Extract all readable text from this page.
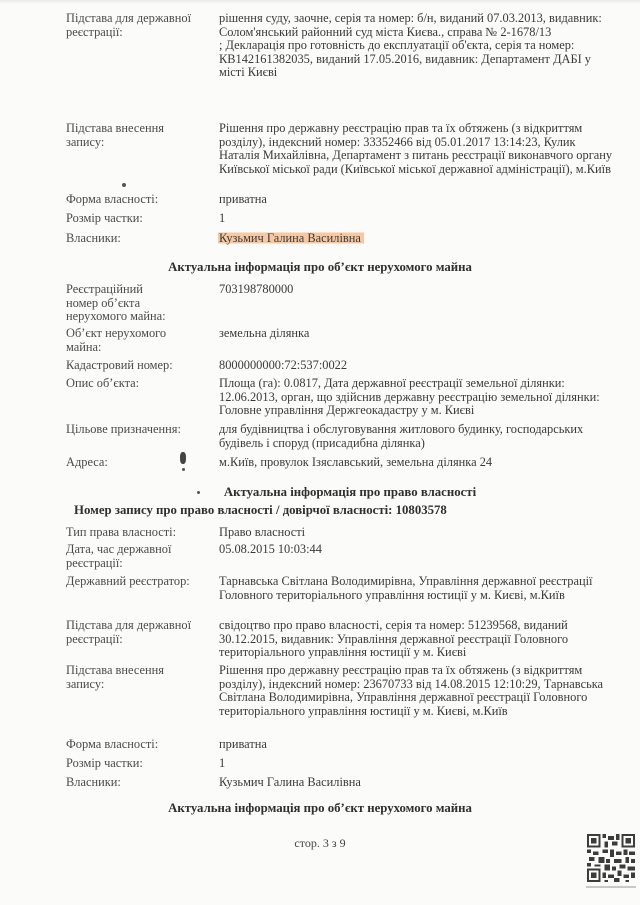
Підстава для державної реєстрації:
рішення суду, заочне, серія та номер: б/н, виданий 07.03.2013, видавник: Солом'янський районний суд міста Києва., справа № 2-1678/13
; Декларація про готовність до експлуатації об'єкта, серія та номер: КВ142161382035, виданий 17.05.2016, видавник: Департамент ДАБІ у місті Києві
Підстава внесення запису:
Рішення про державну реєстрацію прав та їх обтяжень (з відкриттям розділу), індексний номер: 33352466 від 05.01.2017 13:14:23, Кулик Наталія Михайлівна, Департамент з питань реєстрації виконавчого органу Київської міської ради (Київської міської державної адміністрації), м.Київ
Форма власності:	приватна
Розмір частки:	1
Власники:	Кузьмич Галина Василівна
Актуальна інформація про об’єкт нерухомого майна
Реєстраційний номер об’єкта нерухомого майна:
703198780000
Об’єкт нерухомого майна:
земельна ділянка
Кадастровий номер:	8000000000:72:537:0022
Опис об’єкта:	Площа (га): 0.0817, Дата державної реєстрації земельної ділянки: 12.06.2013, орган, що здійснив державну реєстрацію земельної ділянки: Головне управління Держгеокадастру у м. Києві
Цільове призначення:	для будівництва і обслуговування житлового будинку, господарських будівель і споруд (присадибна ділянка)
Адреса:	м.Київ, провулок Ізяславський, земельна ділянка 24
Актуальна інформація про право власності
Номер запису про право власності / довірчої власності: 10803578
Тип права власності:	Право власності
Дата, час державної реєстрації:
05.08.2015 10:03:44
Державний реєстратор:	Тарнавська Світлана Володимирівна, Управління державної реєстрації Головного територіального управління юстиції у м. Києві, м.Київ
Підстава для державної реєстрації:
свідоцтво про право власності, серія та номер: 51239568, виданий 30.12.2015, видавник: Управління державної реєстрації Головного територіального управління юстиції у м. Києві
Підстава внесення запису:
Рішення про державну реєстрацію прав та їх обтяжень (з відкриттям розділу), індексний номер: 23670733 від 14.08.2015 12:10:29, Тарнавська Світлана Володимирівна, Управління державної реєстрації Головного територіального управління юстиції у м. Києві, м.Київ
Форма власності:	приватна
Розмір частки:	1
Власники:	Кузьмич Галина Василівна
Актуальна інформація про об’єкт нерухомого майна
стор. 3 з 9
